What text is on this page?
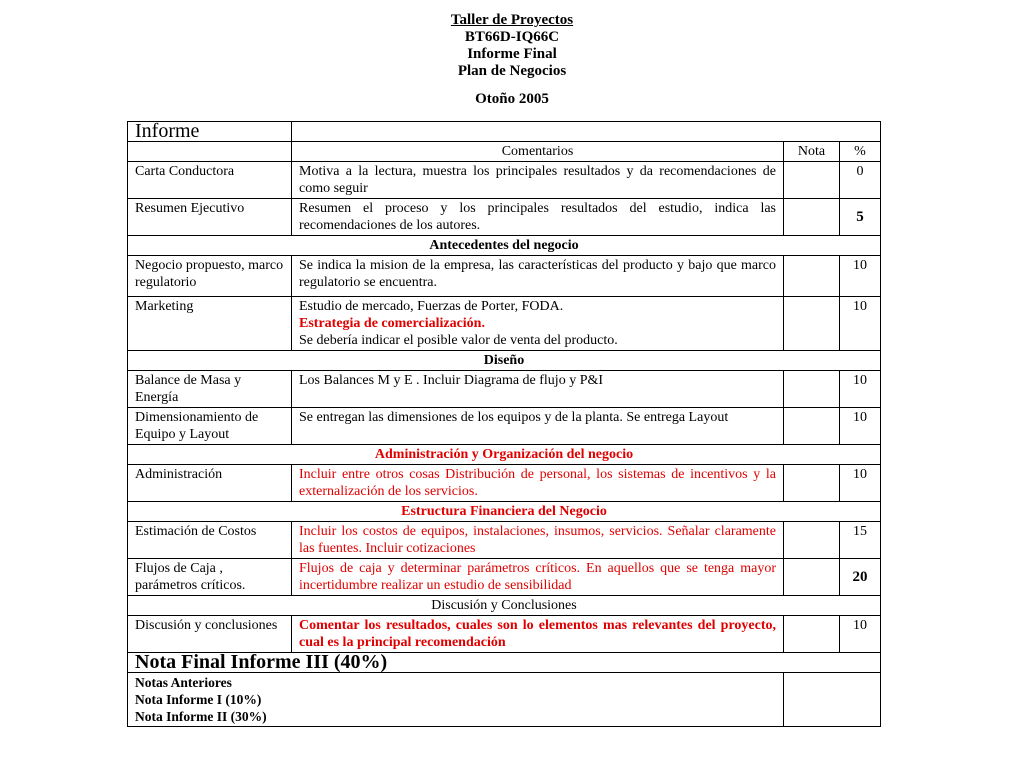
Taller de Proyectos
BT66D-IQ66C
Informe Final
Plan de Negocios
Otoño 2005
Informe			
	Comentarios	Nota	%
Carta Conductora	Motiva a la lectura, muestra los principales resultados y da recomendaciones de como seguir		0
Resumen Ejecutivo	Resumen el proceso y los principales resultados del estudio, indica las recomendaciones de los autores.		5
Antecedentes del negocio			
Negocio propuesto, marco regulatorio	Se indica la mision de la empresa, las características del producto y bajo que marco regulatorio se encuentra.		10
Marketing	Estudio de mercado, Fuerzas de Porter, FODA.
Estrategia de comercialización.
Se debería indicar el posible valor de venta del producto.		10
Diseño			
Balance de Masa y Energía	Los Balances M y E . Incluir Diagrama de flujo y P&I		10
Dimensionamiento de Equipo y Layout	Se entregan las dimensiones de los equipos y de la planta. Se entrega Layout		10
Administración y Organización del negocio			
Administración	Incluir entre otros cosas Distribución de personal, los sistemas de incentivos y la externalización de los servicios.		10
Estructura Financiera del Negocio			
Estimación de Costos	Incluir los costos de equipos, instalaciones, insumos, servicios. Señalar claramente las fuentes. Incluir cotizaciones		15
Flujos de Caja , parámetros críticos.	Flujos de caja y determinar parámetros críticos. En aquellos que se tenga mayor incertidumbre realizar un estudio de sensibilidad		20
Discusión y Conclusiones			
Discusión y conclusiones	Comentar los resultados, cuales son lo elementos mas relevantes del proyecto, cual es la principal recomendación		10
Nota Final Informe III (40%)			

Notas Anteriores
Nota Informe I (10%)
Nota Informe II (30%)			
